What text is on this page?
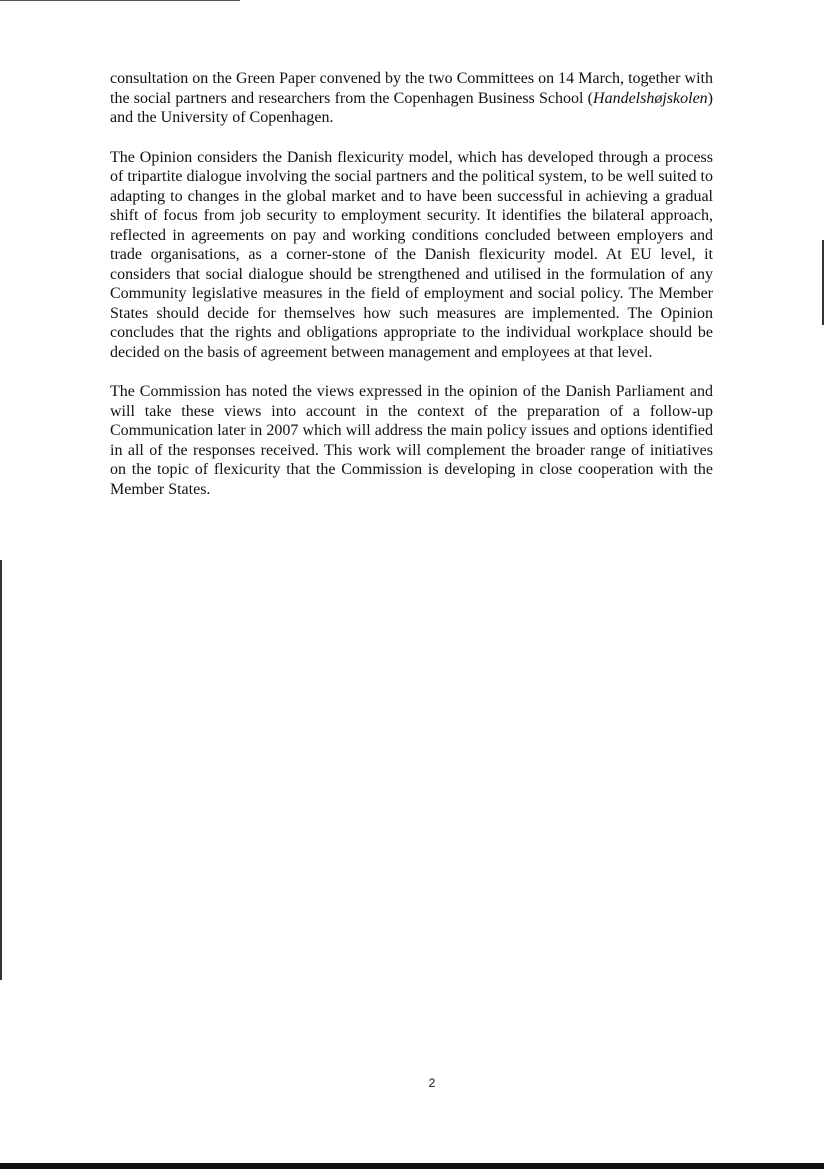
consultation on the Green Paper convened by the two Committees on 14 March, together with the social partners and researchers from the Copenhagen Business School (Handelshøjskolen) and the University of Copenhagen.

The Opinion considers the Danish flexicurity model, which has developed through a process of tripartite dialogue involving the social partners and the political system, to be well suited to adapting to changes in the global market and to have been successful in achieving a gradual shift of focus from job security to employment security. It identifies the bilateral approach, reflected in agreements on pay and working conditions concluded between employers and trade organisations, as a corner-stone of the Danish flexicurity model. At EU level, it considers that social dialogue should be strengthened and utilised in the formulation of any Community legislative measures in the field of employment and social policy. The Member States should decide for themselves how such measures are implemented. The Opinion concludes that the rights and obligations appropriate to the individual workplace should be decided on the basis of agreement between management and employees at that level.

The Commission has noted the views expressed in the opinion of the Danish Parliament and will take these views into account in the context of the preparation of a follow-up Communication later in 2007 which will address the main policy issues and options identified in all of the responses received. This work will complement the broader range of initiatives on the topic of flexicurity that the Commission is developing in close cooperation with the Member States.

2
